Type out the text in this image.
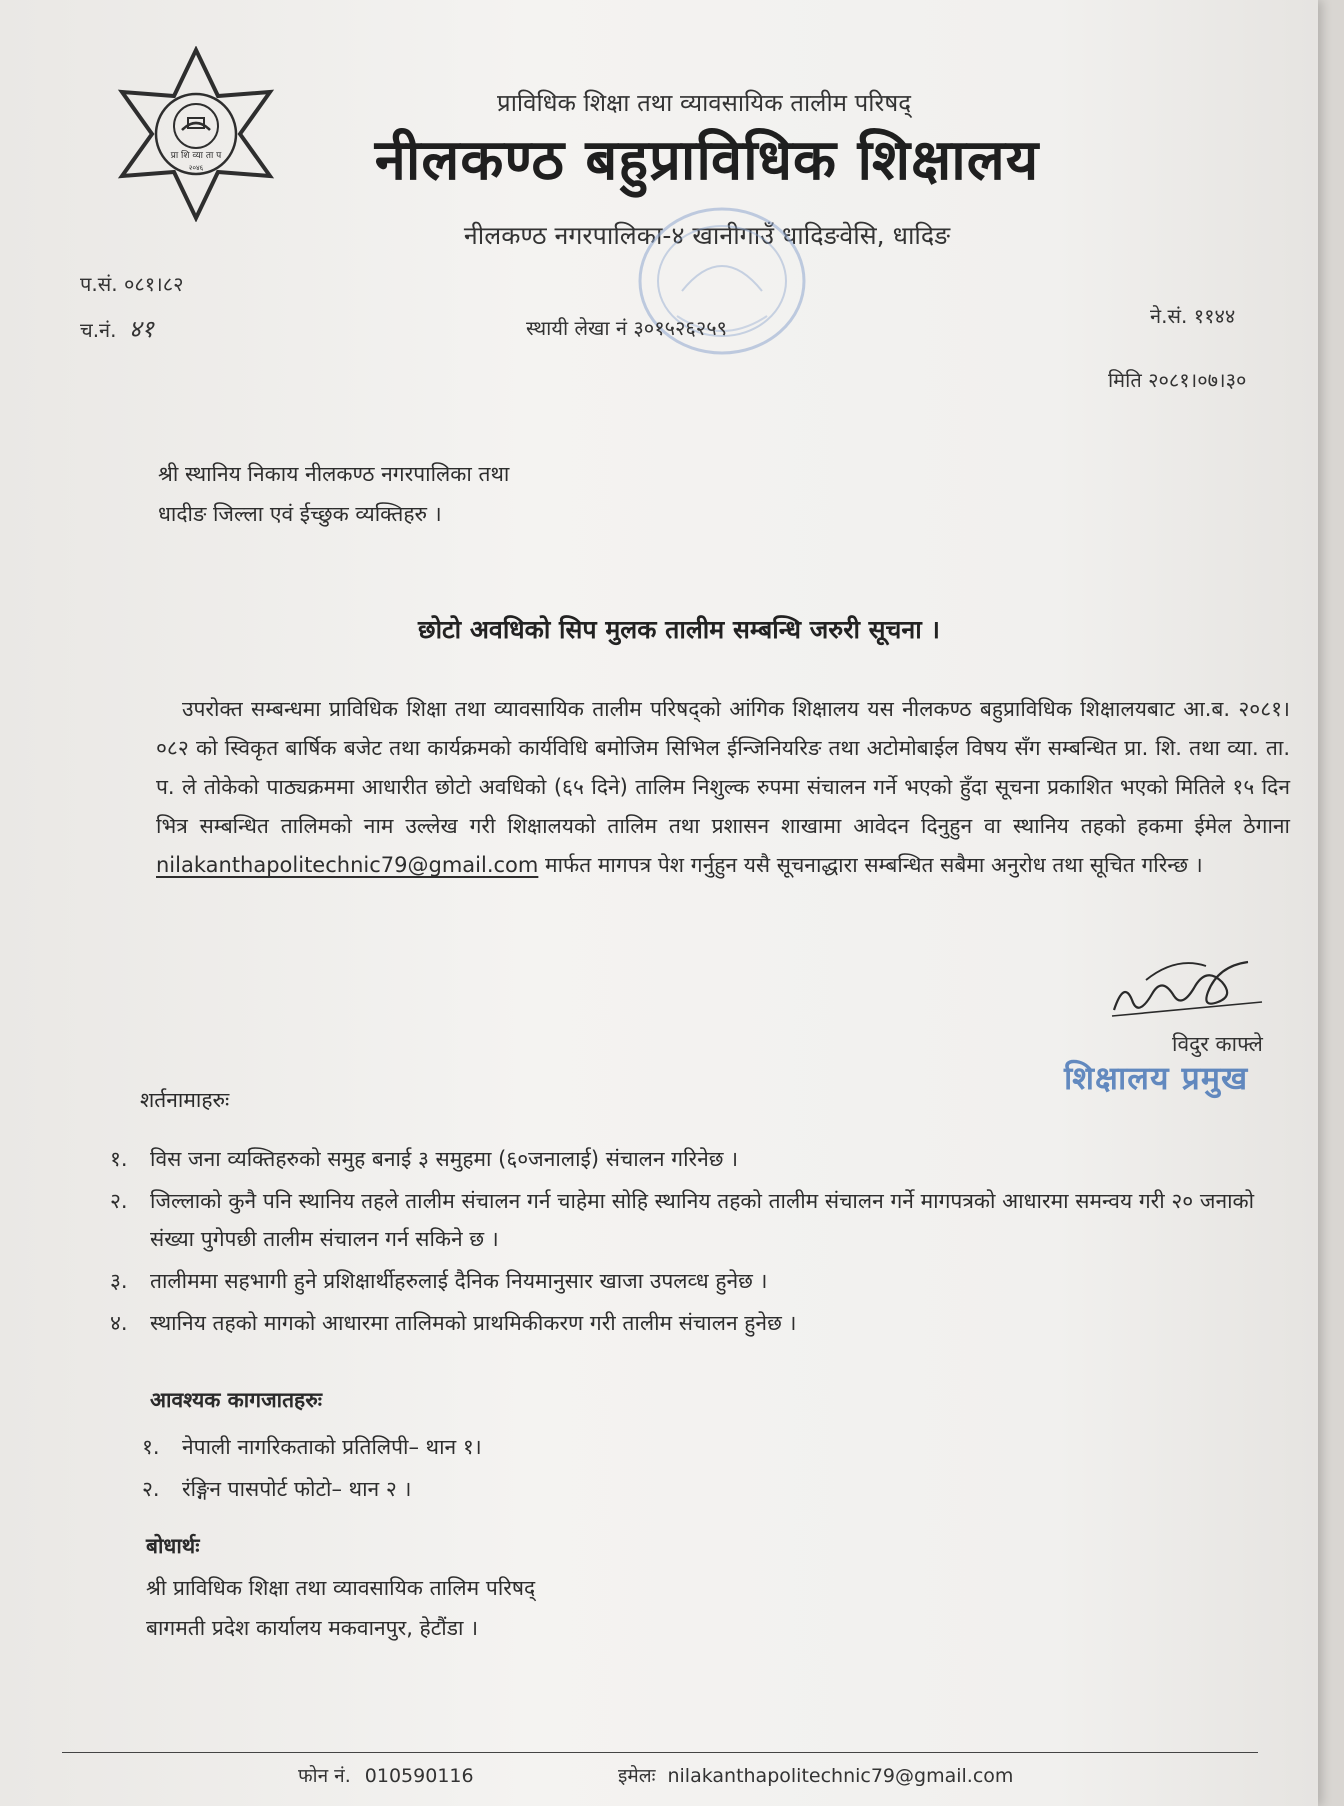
प्रा शि व्या ता प
२०४६
प्राविधिक शिक्षा तथा व्यावसायिक तालीम परिषद्
नीलकण्ठ बहुप्राविधिक शिक्षालय
नीलकण्ठ नगरपालिका-४ खानीगाउँ धादिङवेसि, धादिङ
प.सं. ०८१।८२
च.नं. ४१	स्थायी लेखा नं ३०१५२६२५९	ने.सं. ११४४
मिति २०८१।०७।३०
श्री स्थानिय निकाय नीलकण्ठ नगरपालिका तथा
धादीङ जिल्ला एवं ईच्छुक व्यक्तिहरु ।
छोटो अवधिको सिप मुलक तालीम सम्बन्धि जरुरी सूचना ।
उपरोक्त सम्बन्धमा प्राविधिक शिक्षा तथा व्यावसायिक तालीम परिषद्को आंगिक शिक्षालय यस नीलकण्ठ बहुप्राविधिक शिक्षालयबाट आ.ब. २०८१।०८२ को स्विकृत बार्षिक बजेट तथा कार्यक्रमको कार्यविधि बमोजिम सिभिल ईन्जिनियरिङ तथा अटोमोबाईल विषय सँग सम्बन्धित प्रा. शि. तथा व्या. ता. प. ले तोकेको पाठ्यक्रममा आधारीत छोटो अवधिको (६५ दिने) तालिम निशुल्क रुपमा संचालन गर्ने भएको हुँदा सूचना प्रकाशित भएको मितिले १५ दिन भित्र सम्बन्धित तालिमको नाम उल्लेख गरी शिक्षालयको तालिम तथा प्रशासन शाखामा आवेदन दिनुहुन वा स्थानिय तहको हकमा ईमेल ठेगाना nilakanthapolitechnic79@gmail.com मार्फत मागपत्र पेश गर्नुहुन यसै सूचनाद्धारा सम्बन्धित सबैमा अनुरोध तथा सूचित गरिन्छ ।
विदुर काफ्ले
शिक्षालय प्रमुख
शर्तनामाहरुः
१. विस जना व्यक्तिहरुको समुह बनाई ३ समुहमा (६०जनालाई) संचालन गरिनेछ ।
२. जिल्लाको कुनै पनि स्थानिय तहले तालीम संचालन गर्न चाहेमा सोहि स्थानिय तहको तालीम संचालन गर्ने मागपत्रको आधारमा समन्वय गरी २० जनाको संख्या पुगेपछी तालीम संचालन गर्न सकिने छ ।
३. तालीममा सहभागी हुने प्रशिक्षार्थीहरुलाई दैनिक नियमानुसार खाजा उपलव्ध हुनेछ ।
४. स्थानिय तहको मागको आधारमा तालिमको प्राथमिकीकरण गरी तालीम संचालन हुनेछ ।
आवश्यक कागजातहरुः
१. नेपाली नागरिकताको प्रतिलिपी– थान १।
२. रंङ्गिन पासपोर्ट फोटो– थान २ ।
बोधार्थः
श्री प्राविधिक शिक्षा तथा व्यावसायिक तालिम परिषद्
बागमती प्रदेश कार्यालय मकवानपुर, हेटौंडा ।
फोन नं. 010590116	इमेलः nilakanthapolitechnic79@gmail.com
